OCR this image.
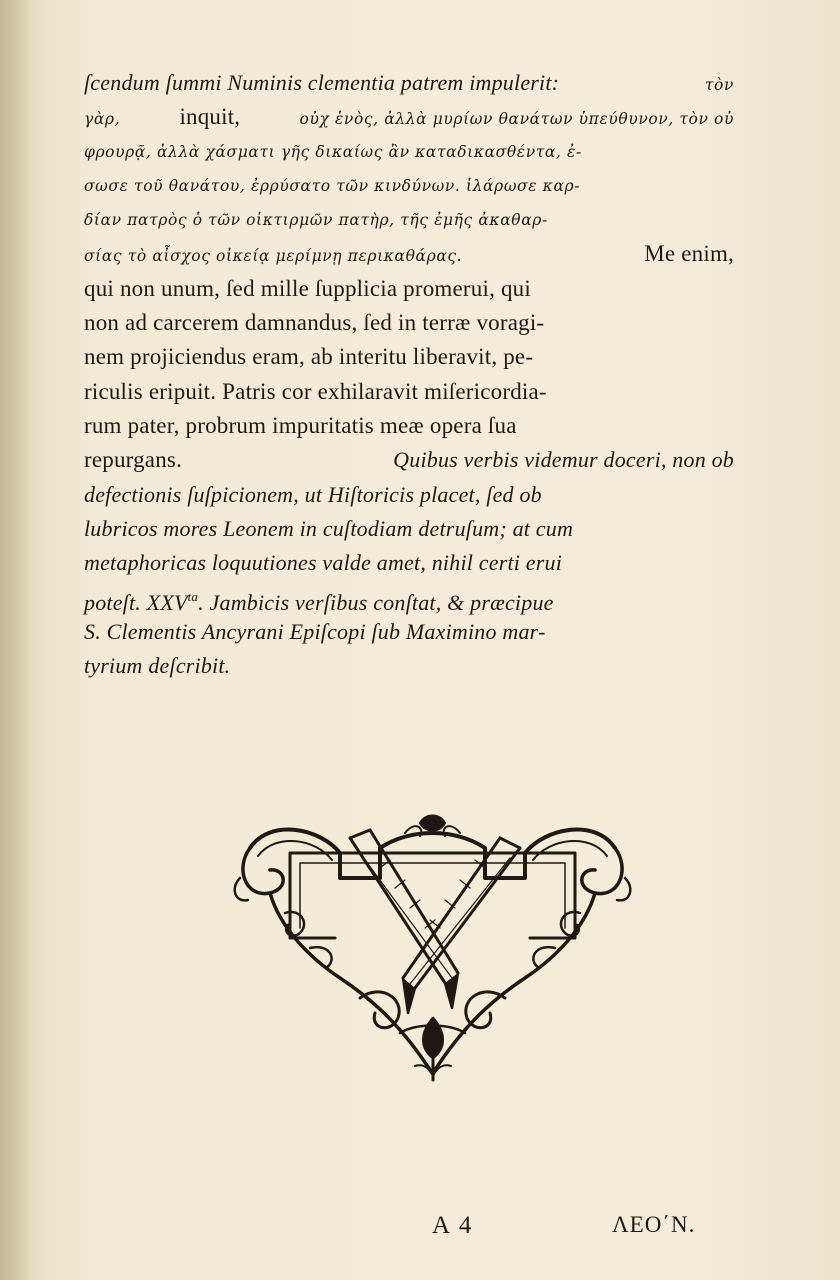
ſcendum ſummi Numinis clementia patrem impulerit:	τὸν
γὰρ,	inquit,	οὐχ ἑνὸς, ἀλλὰ μυρίων θανάτων ὑπεύθυνον, τὸν οὐ
φρουρᾷ, ἀλλὰ χάσματι γῆς δικαίως ἂν καταδικασθέντα, ἐ-
σωσε τοῦ θανάτου, ἐρρύσατο τῶν κινδύνων. ἱλάρωσε καρ-
δίαν πατρὸς ὁ τῶν οἰκτιρμῶν πατὴρ, τῆς ἐμῆς ἀκαθαρ-
σίας τὸ αἶσχος οἰκείᾳ μερίμνῃ περικαθάρας.	Me enim,
qui non unum, ſed mille ſupplicia promerui, qui
non ad carcerem damnandus, ſed in terræ voragi-
nem projiciendus eram, ab interitu liberavit, pe-
riculis eripuit. Patris cor exhilaravit miſericordia-
rum pater, probrum impuritatis meæ opera ſua
repurgans.	Quibus verbis videmur doceri, non ob
defectionis ſuſpicionem, ut Hiſtoricis placet, ſed ob
lubricos mores Leonem in cuſtodiam detruſum; at cum
metaphoricas loquutiones valde amet, nihil certi erui
poteſt. $XXV^{ta}$. Jambicis verſibus conſtat, & præcipue
S. Clementis Ancyrani Epiſcopi ſub Maximino mar-
tyrium deſcribit.
A 4	ΛΕΟ΄Ν.
